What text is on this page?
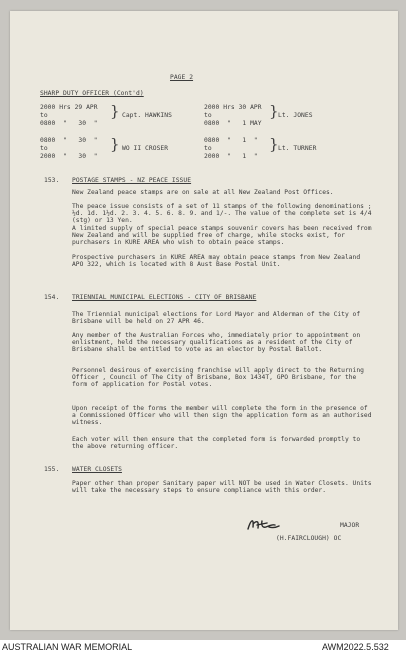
PAGE 2
SHARP DUTY OFFICER (Cont'd)
2000 Hrs 29 APR
to
0800  "   30  "
} Capt. HAWKINS
2000 Hrs 30 APR
to
0800  "   1 MAY
} Lt. JONES
0800  "   30  "
to
2000  "   30  "
} WO II CROSER
0800  "   1  "
to
2000  "   1  "
} Lt. TURNER
153. POSTAGE STAMPS - NZ PEACE ISSUE
New Zealand peace stamps are on sale at all New Zealand Post Offices.
The peace issue consists of a set of 11 stamps of the following denominations ; ½d. 1d. 1½d. 2. 3. 4. 5. 6. 8. 9. and 1/-. The value of the complete set is 4/4 (stg) or 13 Yen.
A limited supply of special peace stamps souvenir covers has been received from New Zealand and will be supplied free of charge, while stocks exist, for purchasers in KURE AREA who wish to obtain peace stamps.
Prospective purchasers in KURE AREA may obtain peace stamps from New Zealand APO 322, which is located with 8 Aust Base Postal Unit.
154. TRIENNIAL MUNICIPAL ELECTIONS - CITY OF BRISBANE
The Triennial municipal elections for Lord Mayor and Alderman of the City of Brisbane will be held on 27 APR 46.
Any member of the Australian Forces who, immediately prior to appointment on enlistment, held the necessary qualifications as a resident of the City of Brisbane shall be entitled to vote as an elector by Postal Ballot.
Personnel desirous of exercising franchise will apply direct to the Returning Officer , Council of The City of Brisbane, Box 1434T, GPO Brisbane, for the form of application for Postal votes.
Upon receipt of the forms the member will complete the form in the presence of a Commissioned Officer who will then sign the application form as an authorised witness.
Each voter will then ensure that the completed form is forwarded promptly to the above returning officer.
155. WATER CLOSETS
Paper other than proper Sanitary paper will NOT be used in Water Closets. Units will take the necessary steps to ensure compliance with this order.
MAJOR
(H.FAIRCLOUGH) OC
AUSTRALIAN WAR MEMORIAL	AWM2022.5.532
